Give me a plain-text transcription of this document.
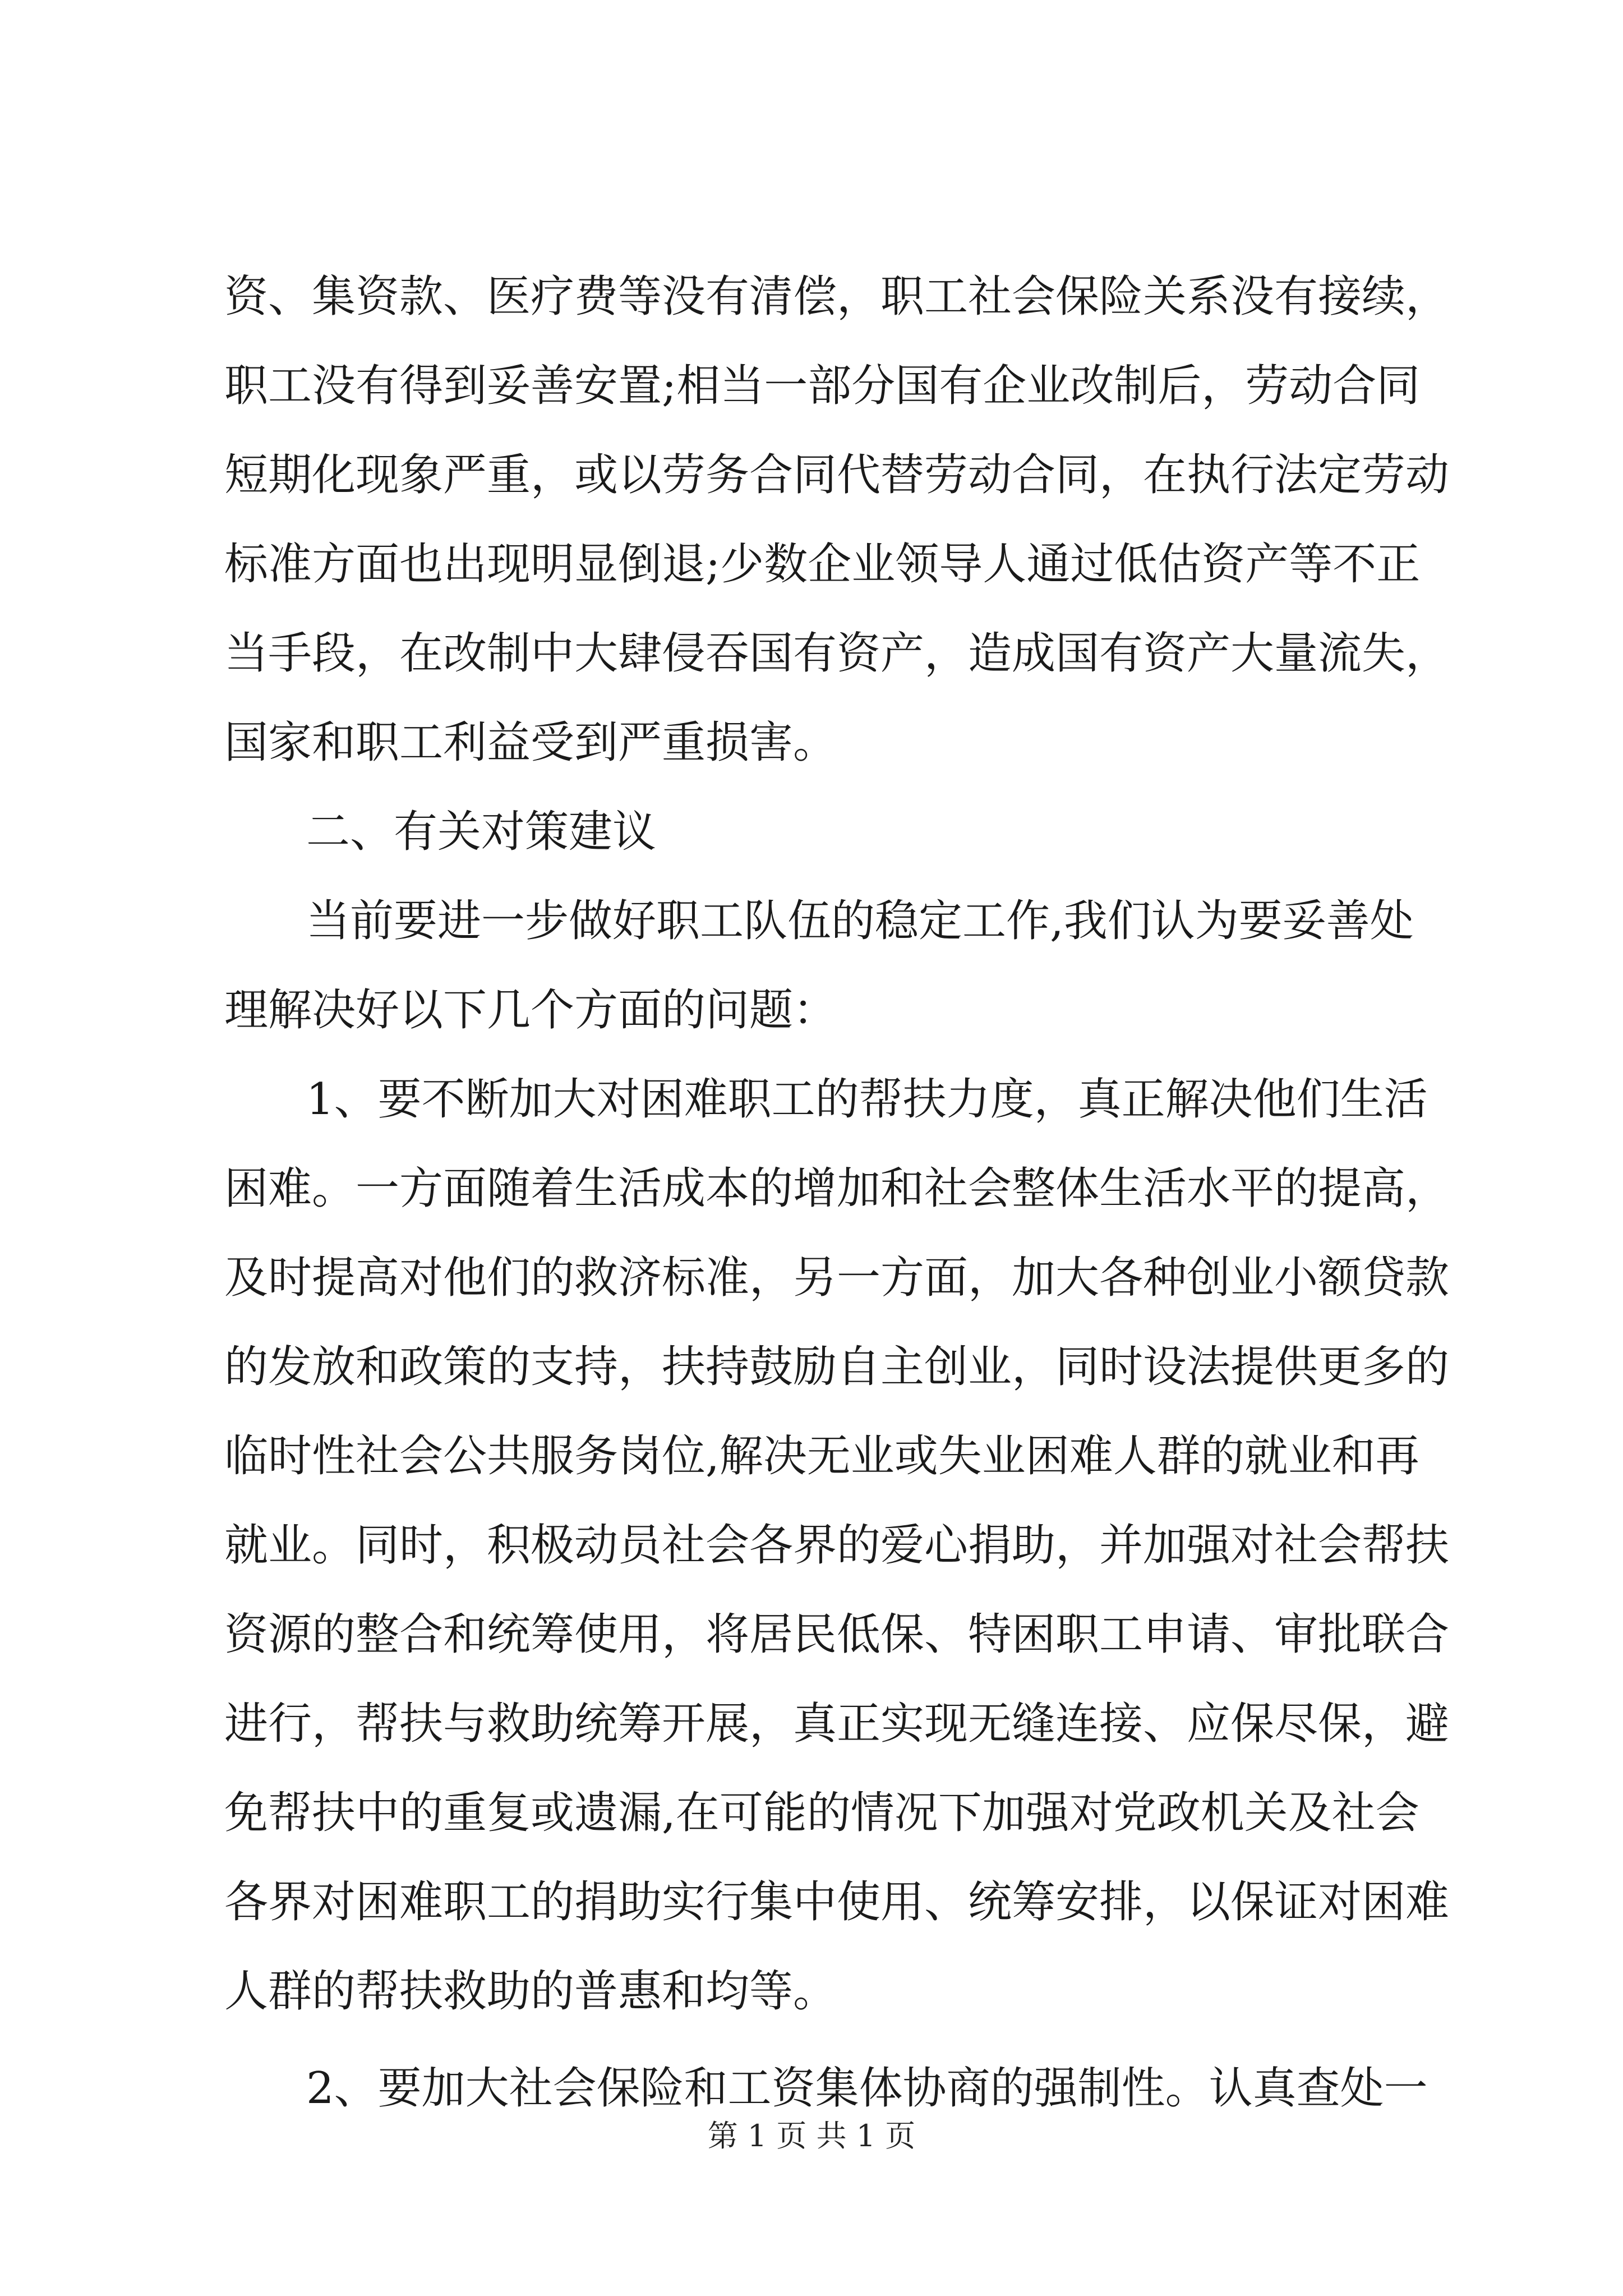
资、集资款、医疗费等没有清偿，职工社会保险关系没有接续，
职工没有得到妥善安置;相当一部分国有企业改制后，劳动合同
短期化现象严重，或以劳务合同代替劳动合同，在执行法定劳动
标准方面也出现明显倒退;少数企业领导人通过低估资产等不正
当手段，在改制中大肆侵吞国有资产，造成国有资产大量流失，
国家和职工利益受到严重损害。
二、有关对策建议
当前要进一步做好职工队伍的稳定工作,我们认为要妥善处
理解决好以下几个方面的问题：
1、要不断加大对困难职工的帮扶力度，真正解决他们生活
困难。一方面随着生活成本的增加和社会整体生活水平的提高，
及时提高对他们的救济标准，另一方面，加大各种创业小额贷款
的发放和政策的支持，扶持鼓励自主创业，同时设法提供更多的
临时性社会公共服务岗位,解决无业或失业困难人群的就业和再
就业。同时，积极动员社会各界的爱心捐助，并加强对社会帮扶
资源的整合和统筹使用，将居民低保、特困职工申请、审批联合
进行，帮扶与救助统筹开展，真正实现无缝连接、应保尽保，避
免帮扶中的重复或遗漏,在可能的情况下加强对党政机关及社会
各界对困难职工的捐助实行集中使用、统筹安排，以保证对困难
人群的帮扶救助的普惠和均等。
2、要加大社会保险和工资集体协商的强制性。认真查处一
第 1 页 共 1 页
